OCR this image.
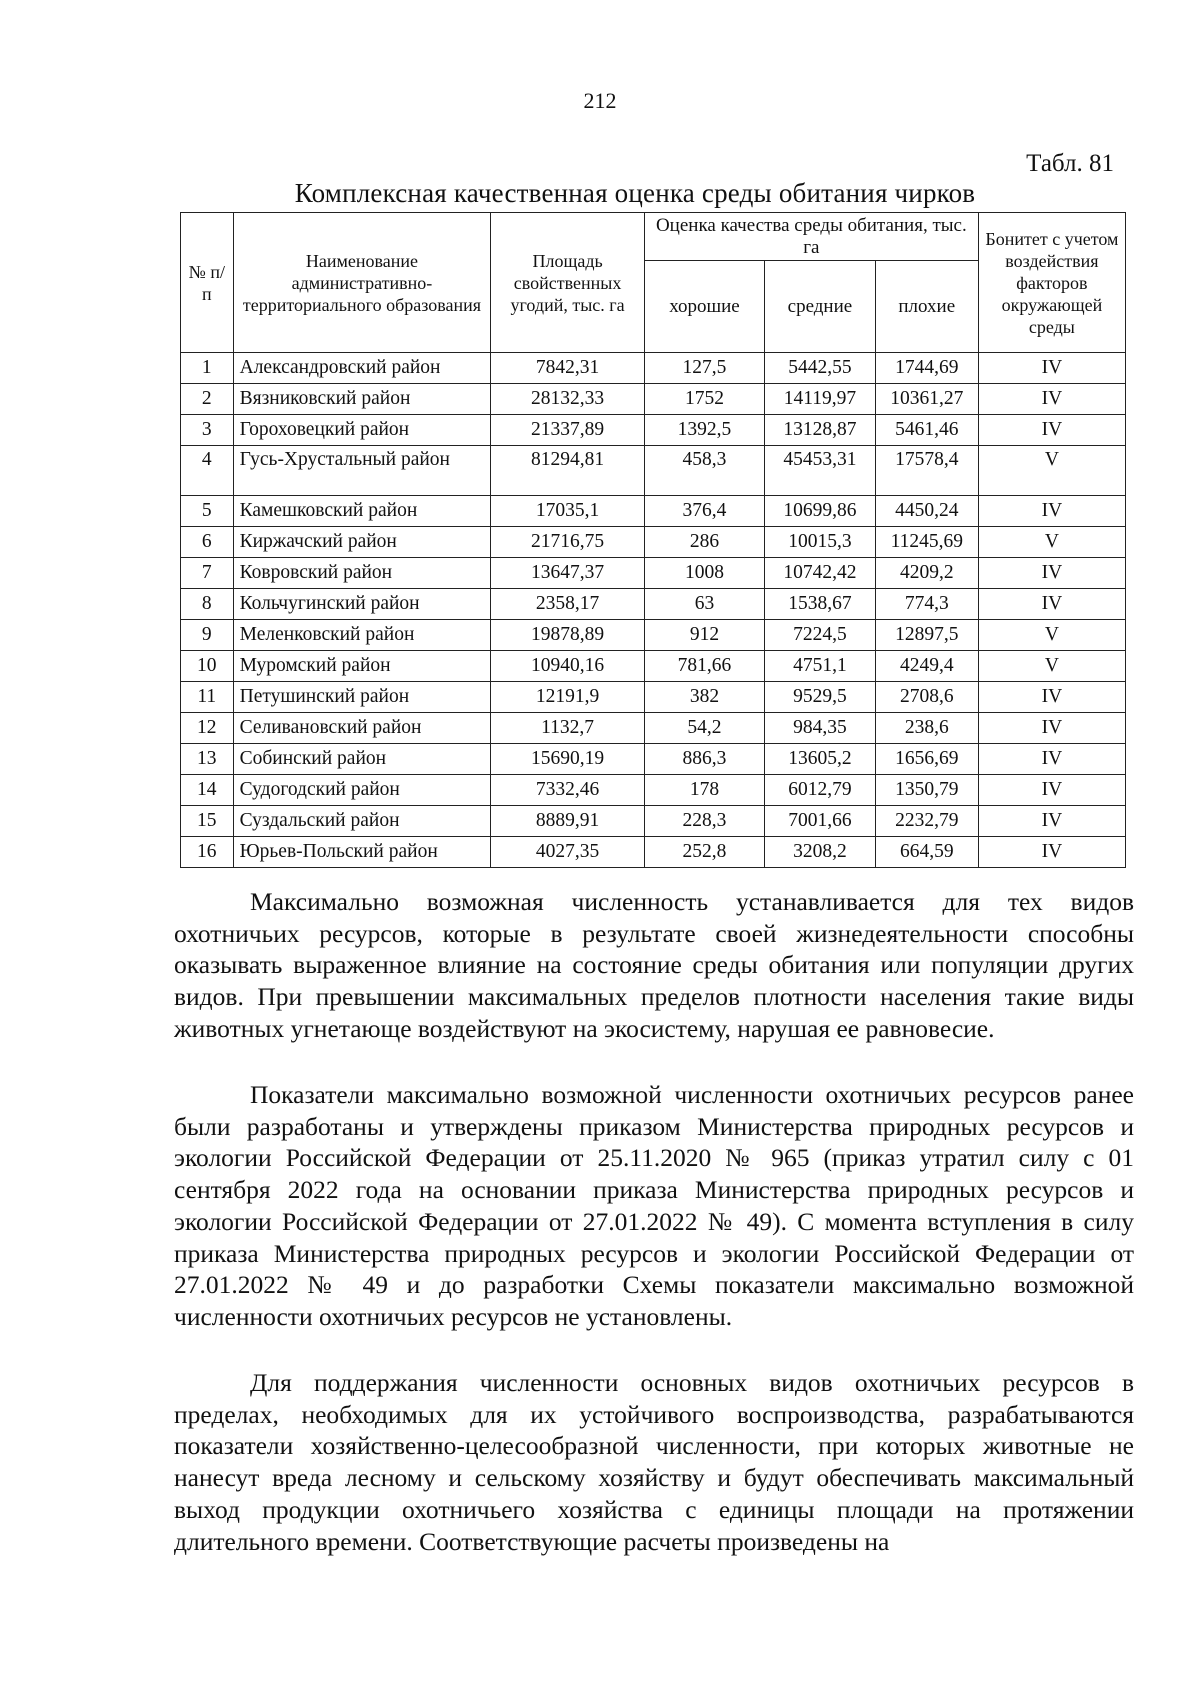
212
Табл. 81
Комплексная качественная оценка среды обитания чирков
№ п/п	Наименование административно-территориального образования	Площадь свойственных угодий, тыс. га	Оценка качества среды обитания, тыс. га			Бонитет с учетом воздействия факторов окружающей среды
			хорошие	средние	плохие	
1	Александровский район	7842,31	127,5	5442,55	1744,69	IV
2	Вязниковский район	28132,33	1752	14119,97	10361,27	IV
3	Гороховецкий район	21337,89	1392,5	13128,87	5461,46	IV
4	Гусь-Хрустальный район	81294,81	458,3	45453,31	17578,4	V
5	Камешковский район	17035,1	376,4	10699,86	4450,24	IV
6	Киржачский район	21716,75	286	10015,3	11245,69	V
7	Ковровский район	13647,37	1008	10742,42	4209,2	IV
8	Кольчугинский район	2358,17	63	1538,67	774,3	IV
9	Меленковский район	19878,89	912	7224,5	12897,5	V
10	Муромский район	10940,16	781,66	4751,1	4249,4	V
11	Петушинский район	12191,9	382	9529,5	2708,6	IV
12	Селивановский район	1132,7	54,2	984,35	238,6	IV
13	Собинский район	15690,19	886,3	13605,2	1656,69	IV
14	Судогодский район	7332,46	178	6012,79	1350,79	IV
15	Суздальский район	8889,91	228,3	7001,66	2232,79	IV
16	Юрьев-Польский район	4027,35	252,8	3208,2	664,59	IV

Максимально возможная численность устанавливается для тех видов охотничьих ресурсов, которые в результате своей жизнедеятельности способны оказывать выраженное влияние на состояние среды обитания или популяции других видов. При превышении максимальных пределов плотности населения такие виды животных угнетающе воздействуют на экосистему, нарушая ее равновесие.

Показатели максимально возможной численности охотничьих ресурсов ранее были разработаны и утверждены приказом Министерства природных ресурсов и экологии Российской Федерации от 25.11.2020 № 965 (приказ утратил силу с 01 сентября 2022 года на основании приказа Министерства природных ресурсов и экологии Российской Федерации от 27.01.2022 № 49). С момента вступления в силу приказа Министерства природных ресурсов и экологии Российской Федерации от 27.01.2022 № 49 и до разработки Схемы показатели максимально возможной численности охотничьих ресурсов не установлены.

Для поддержания численности основных видов охотничьих ресурсов в пределах, необходимых для их устойчивого воспроизводства, разрабатываются показатели хозяйственно-целесообразной численности, при которых животные не нанесут вреда лесному и сельскому хозяйству и будут обеспечивать максимальный выход продукции охотничьего хозяйства с единицы площади на протяжении длительного времени. Соответствующие расчеты произведены на
